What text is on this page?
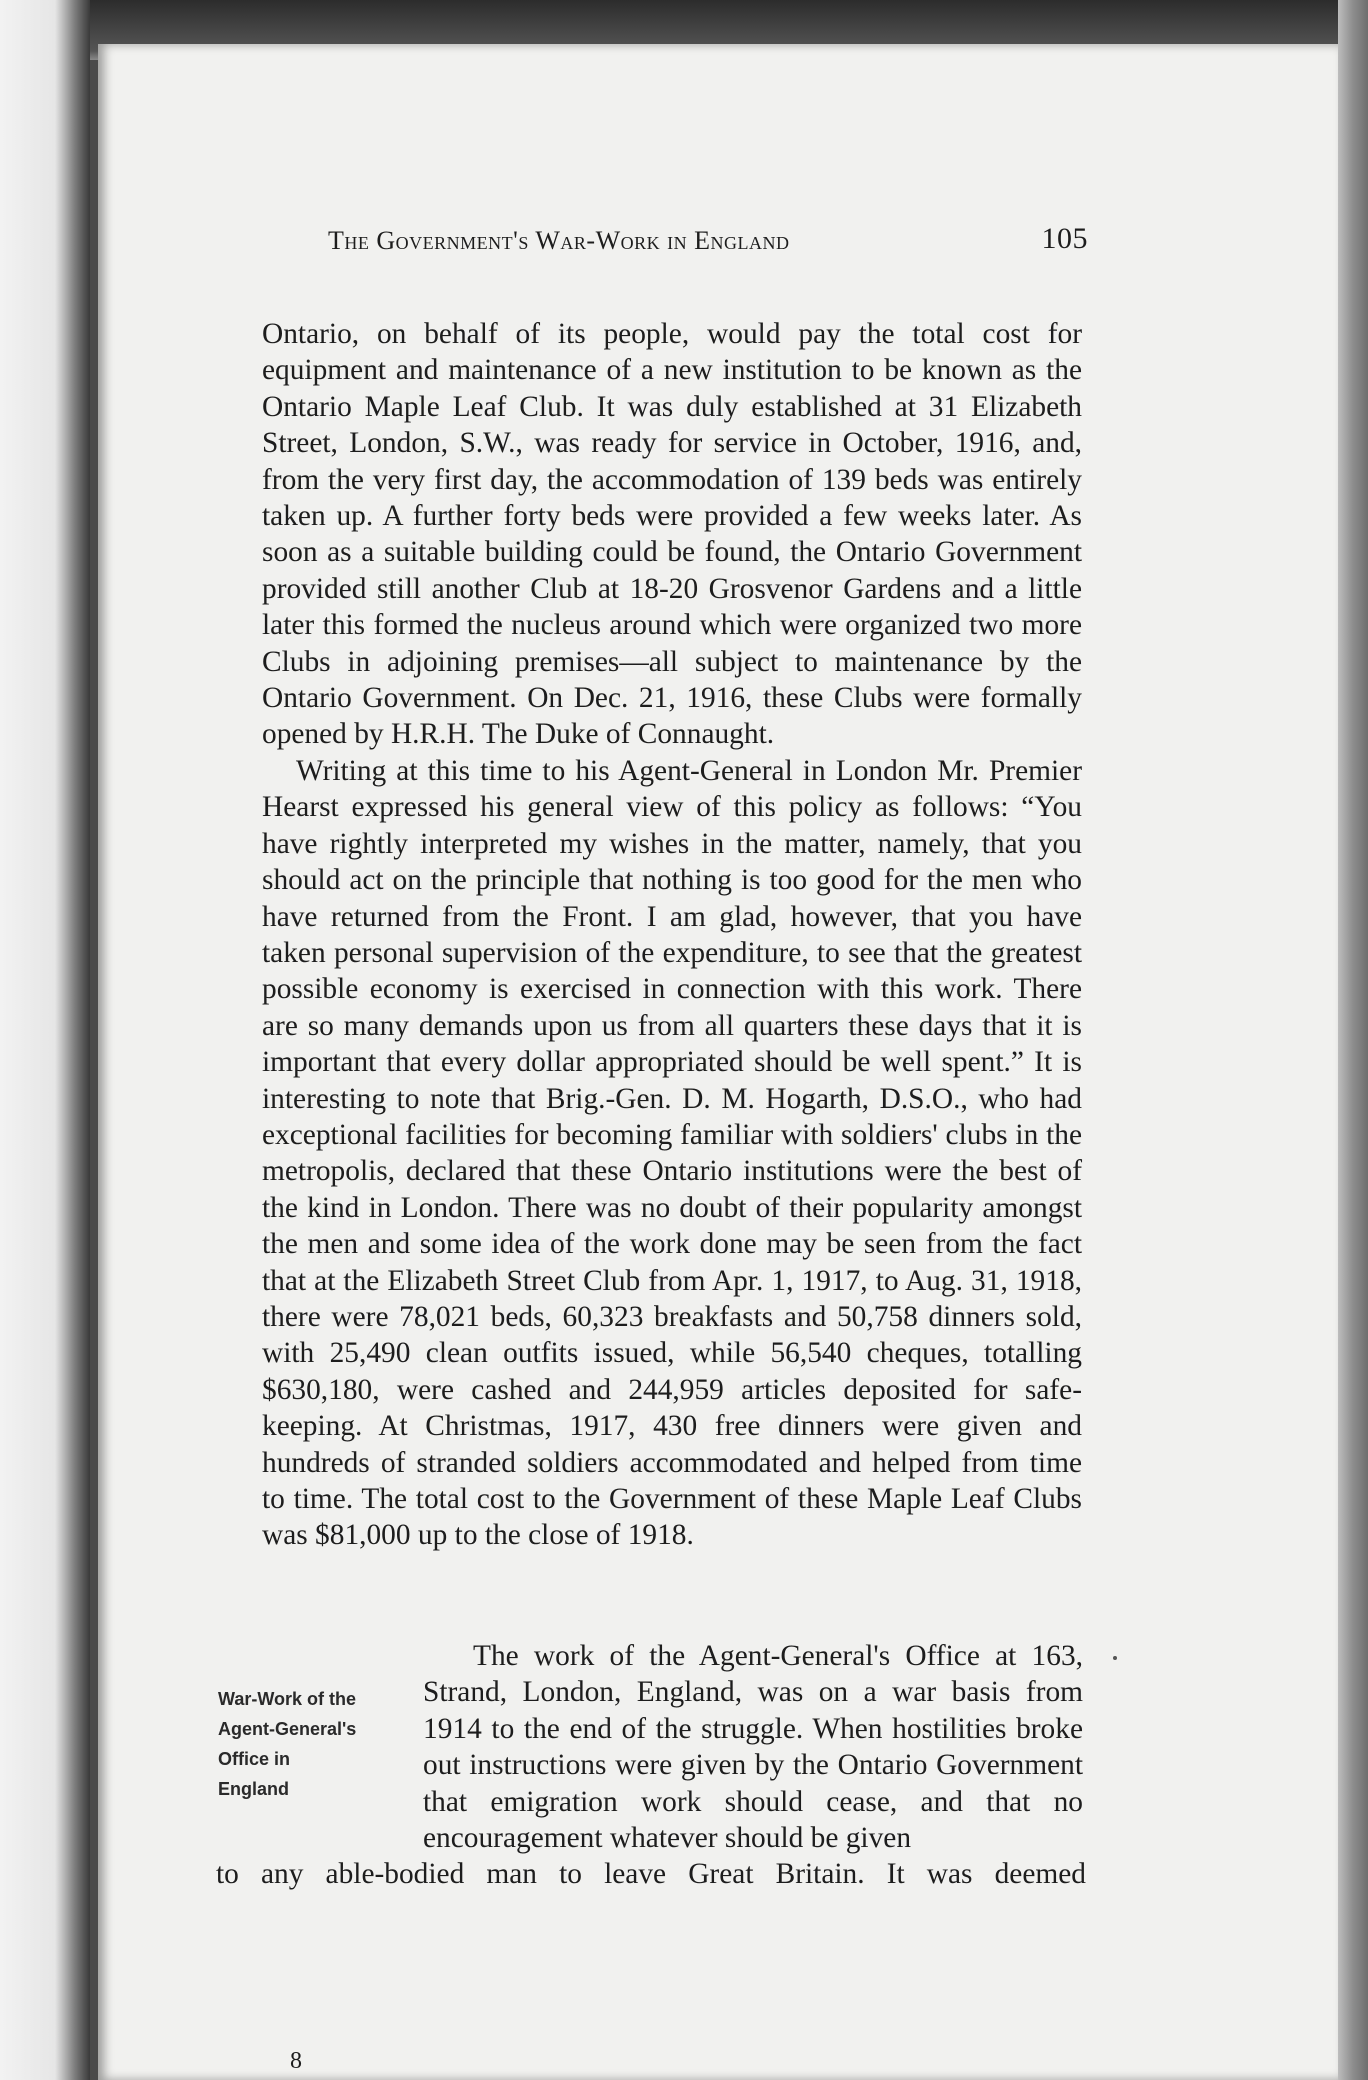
The Government's War-Work in England	105

Ontario, on behalf of its people, would pay the total cost for equipment and maintenance of a new institution to be known as the Ontario Maple Leaf Club. It was duly established at 31 Elizabeth Street, London, S.W., was ready for service in October, 1916, and, from the very first day, the accommodation of 139 beds was entirely taken up. A further forty beds were provided a few weeks later. As soon as a suitable building could be found, the Ontario Government provided still another Club at 18-20 Grosvenor Gardens and a little later this formed the nucleus around which were organized two more Clubs in adjoining premises—all subject to maintenance by the Ontario Government. On Dec. 21, 1916, these Clubs were formally opened by H.R.H. The Duke of Connaught.

Writing at this time to his Agent-General in London Mr. Premier Hearst expressed his general view of this policy as follows: “You have rightly interpreted my wishes in the matter, namely, that you should act on the principle that nothing is too good for the men who have returned from the Front. I am glad, however, that you have taken personal supervision of the expenditure, to see that the greatest possible economy is exercised in connection with this work. There are so many demands upon us from all quarters these days that it is important that every dollar appropriated should be well spent.” It is interesting to note that Brig.-Gen. D. M. Hogarth, D.S.O., who had exceptional facilities for becoming familiar with soldiers' clubs in the metropolis, declared that these Ontario institutions were the best of the kind in London. There was no doubt of their popularity amongst the men and some idea of the work done may be seen from the fact that at the Elizabeth Street Club from Apr. 1, 1917, to Aug. 31, 1918, there were 78,021 beds, 60,323 breakfasts and 50,758 dinners sold, with 25,490 clean outfits issued, while 56,540 cheques, totalling $630,180, were cashed and 244,959 articles deposited for safe-keeping. At Christmas, 1917, 430 free dinners were given and hundreds of stranded soldiers accommodated and helped from time to time. The total cost to the Government of these Maple Leaf Clubs was $81,000 up to the close of 1918.

War-Work of the
Agent-General's
Office in
England
The work of the Agent-General's Office at 163, Strand, London, England, was on a war basis from 1914 to the end of the struggle. When hostilities broke out instructions were given by the Ontario Government that emigration work should cease, and that no encouragement whatever should be given
to any able-bodied man to leave Great Britain. It was deemed
8
